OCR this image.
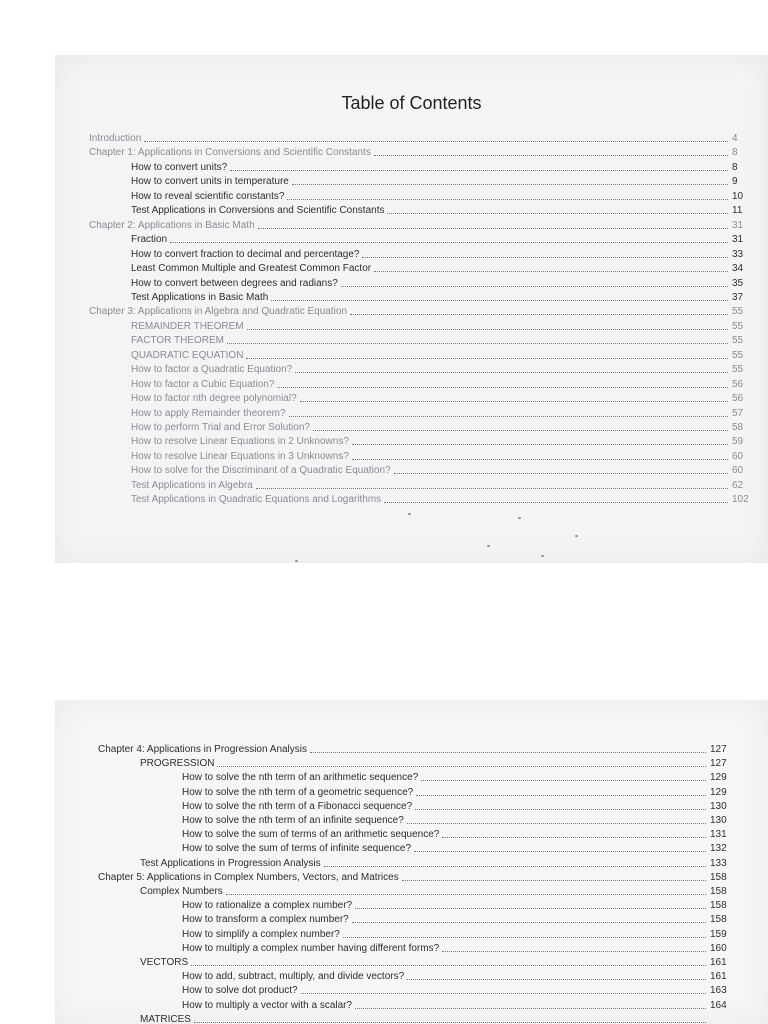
Table of Contents
Introduction	4
Chapter 1: Applications in Conversions and Scientific Constants	8
How to convert units?	8
How to convert units in temperature	9
How to reveal scientific constants?	10
Test Applications in Conversions and Scientific Constants	11
Chapter 2: Applications in Basic Math	31
Fraction	31
How to convert fraction to decimal and percentage?	33
Least Common Multiple and Greatest Common Factor	34
How to convert between degrees and radians?	35
Test Applications in Basic Math	37
Chapter 3: Applications in Algebra and Quadratic Equation	55
REMAINDER THEOREM	55
FACTOR THEOREM	55
QUADRATIC EQUATION	55
How to factor a Quadratic Equation?	55
How to factor a Cubic Equation?	56
How to factor nth degree polynomial?	56
How to apply Remainder theorem?	57
How to perform Trial and Error Solution?	58
How to resolve Linear Equations in 2 Unknowns?	59
How to resolve Linear Equations in 3 Unknowns?	60
How to solve for the Discriminant of a Quadratic Equation?	60
Test Applications in Algebra	62
Test Applications in Quadratic Equations and Logarithms	102
Chapter 4: Applications in Progression Analysis	127
PROGRESSION	127
How to solve the nth term of an arithmetic sequence?	129
How to solve the nth term of a geometric sequence?	129
How to solve the nth term of a Fibonacci sequence?	130
How to solve the nth term of an infinite sequence?	130
How to solve the sum of terms of an arithmetic sequence?	131
How to solve the sum of terms of infinite sequence?	132
Test Applications in Progression Analysis	133
Chapter 5: Applications in Complex Numbers, Vectors, and Matrices	158
Complex Numbers	158
How to rationalize a complex number?	158
How to transform a complex number?	158
How to simplify a complex number?	159
How to multiply a complex number having different forms?	160
VECTORS	161
How to add, subtract, multiply, and divide vectors?	161
How to solve dot product?	163
How to multiply a vector with a scalar?	164
MATRICES
